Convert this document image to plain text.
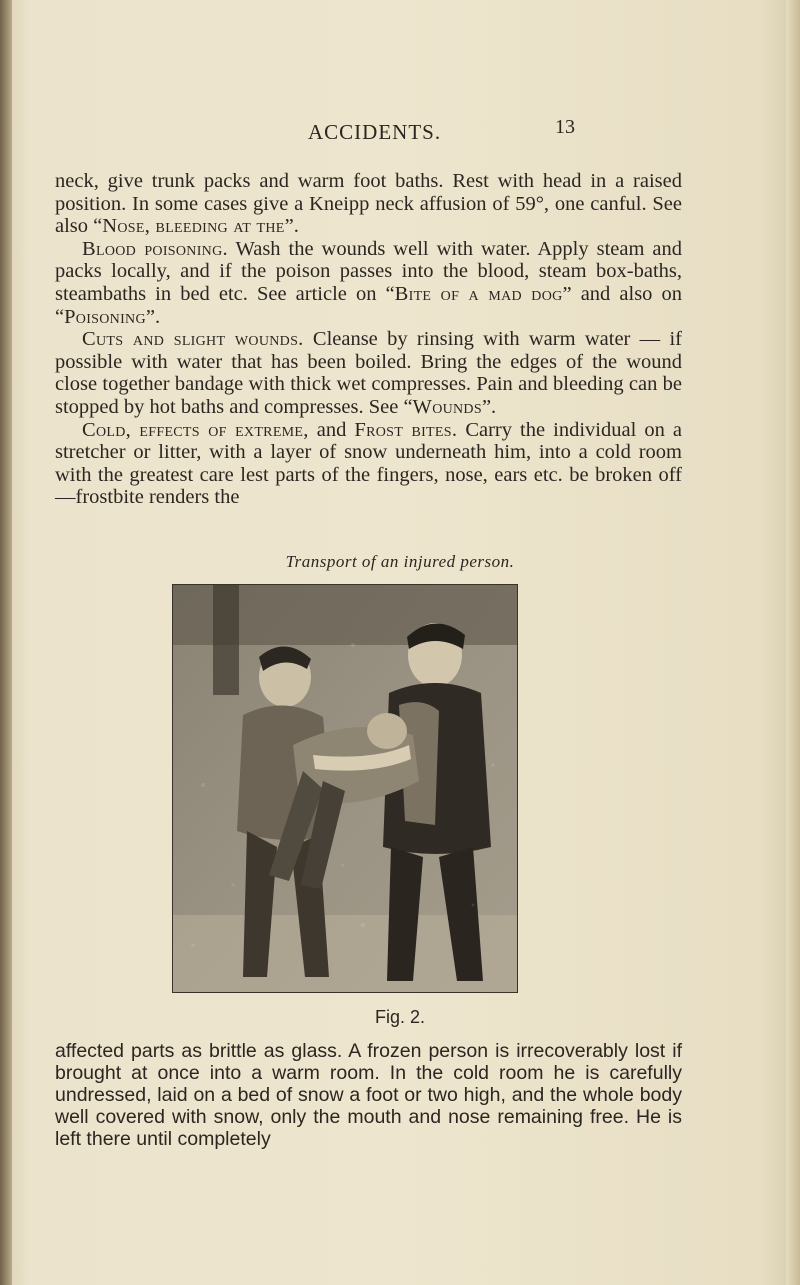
ACCIDENTS.	13

neck, give trunk packs and warm foot baths. Rest with head in a raised position. In some cases give a Kneipp neck affusion of 59°, one canful. See also “Nose, bleeding at the”.

Blood poisoning. Wash the wounds well with water. Apply steam and packs locally, and if the poison passes into the blood, steam box-baths, steambaths in bed etc. See article on “Bite of a mad dog” and also on “Poisoning”.

Cuts and slight wounds. Cleanse by rinsing with warm water — if possible with water that has been boiled. Bring the edges of the wound close together bandage with thick wet compresses. Pain and bleeding can be stopped by hot baths and compresses. See “Wounds”.

Cold, effects of extreme, and Frost bites. Carry the individual on a stretcher or litter, with a layer of snow underneath him, into a cold room with the greatest care lest parts of the fingers, nose, ears etc. be broken off—frostbite renders the

Transport of an injured person.
Fig. 2.

affected parts as brittle as glass. A frozen person is irrecoverably lost if brought at once into a warm room. In the cold room he is carefully undressed, laid on a bed of snow a foot or two high, and the whole body well covered with snow, only the mouth and nose remaining free. He is left there until completely
